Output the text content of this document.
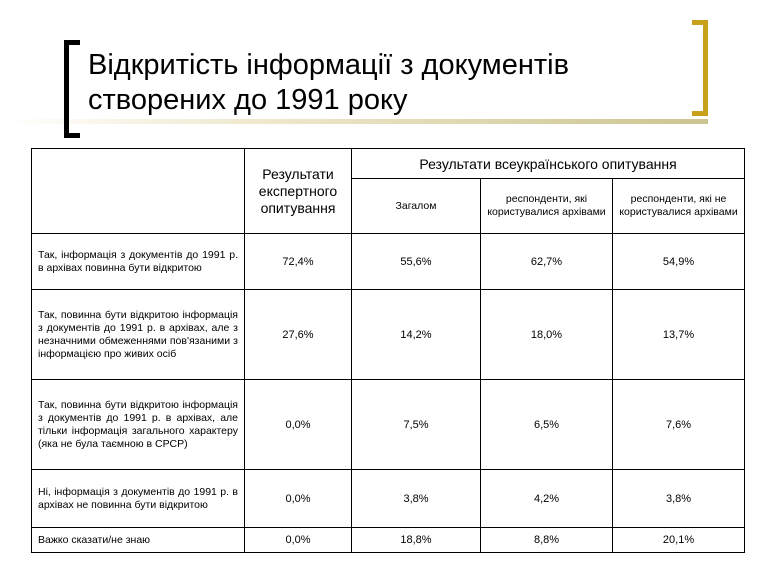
Відкритість інформації з документів
створених до 1991 року
	Результати експертного опитування	Результати всеукраїнського опитування		
		Загалом	респонденти, які користувалися архівами	респонденти, які не користувалися архівами
Так, інформація з документів до 1991 р. в архівах повинна бути відкритою	72,4%	55,6%	62,7%	54,9%
Так, повинна бути відкритою інформація з документів до 1991 р. в архівах, але з незначними обмеженнями пов'язаними з інформацією про живих осіб	27,6%	14,2%	18,0%	13,7%
Так, повинна бути відкритою інформація з документів до 1991 р. в архівах, але тільки інформація загального характеру (яка не була таємною в СРСР)	0,0%	7,5%	6,5%	7,6%
Ні, інформація з документів до 1991 р. в архівах не повинна бути відкритою	0,0%	3,8%	4,2%	3,8%
Важко сказати/не знаю	0,0%	18,8%	8,8%	20,1%
